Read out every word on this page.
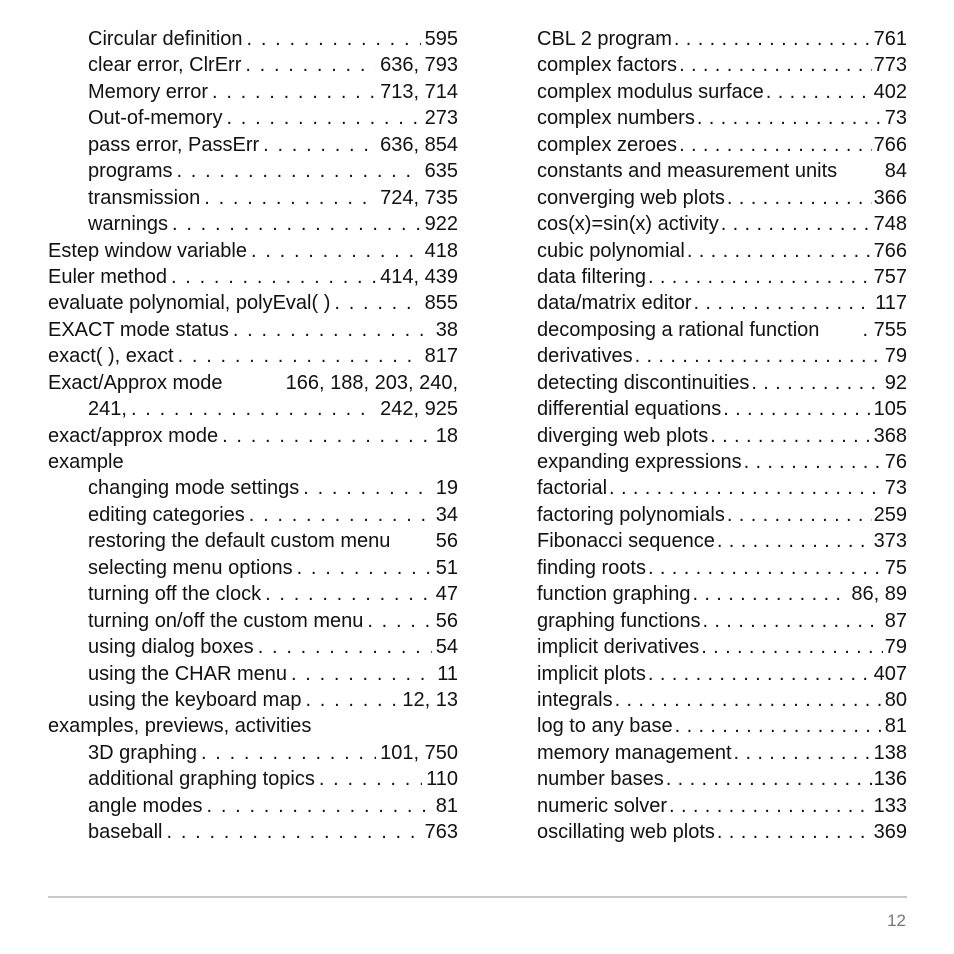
Circular definition . . .	595
clear error, ClrErr . . .	636, 793
Memory error . . .	713, 714
Out-of-memory . . .	273
pass error, PassErr . . .	636, 854
programs . . .	635
transmission . . .	724, 735
warnings . . .	922
Estep window variable . . .	418
Euler method . . .	414, 439
evaluate polynomial, polyEval( ) . . .	855
EXACT mode status . . .	38
exact( ), exact . . .	817
Exact/Approx mode	166, 188, 203, 240,
241, . . .	242, 925
exact/approx mode . . .	18
example
changing mode settings . . .	19
editing categories . . .	34
restoring the default custom menu 56
selecting menu options . . .	51
turning off the clock . . .	47
turning on/off the custom menu . . .	56
using dialog boxes . . .	54
using the CHAR menu . . .	11
using the keyboard map . . .	12, 13
examples, previews, activities
3D graphing . . .	101, 750
additional graphing topics . . .	110
angle modes . . .	81
baseball . . .	763
CBL 2 program . . .	761
complex factors . . .	773
complex modulus surface . . .	402
complex numbers . . .	73
complex zeroes . . .	766
constants and measurement units 84
converging web plots . . .	366
cos(x)=sin(x) activity . . .	748
cubic polynomial . . .	766
data filtering . . .	757
data/matrix editor . . .	117
decomposing a rational function . 755
derivatives . . .	79
detecting discontinuities . . .	92
differential equations . . .	105
diverging web plots . . .	368
expanding expressions . . .	76
factorial . . .	73
factoring polynomials . . .	259
Fibonacci sequence . . .	373
finding roots . . .	75
function graphing . . .	86, 89
graphing functions . . .	87
implicit derivatives . . .	79
implicit plots . . .	407
integrals . . .	80
log to any base . . .	81
memory management . . .	138
number bases . . .	136
numeric solver . . .	133
oscillating web plots . . .	369
12
